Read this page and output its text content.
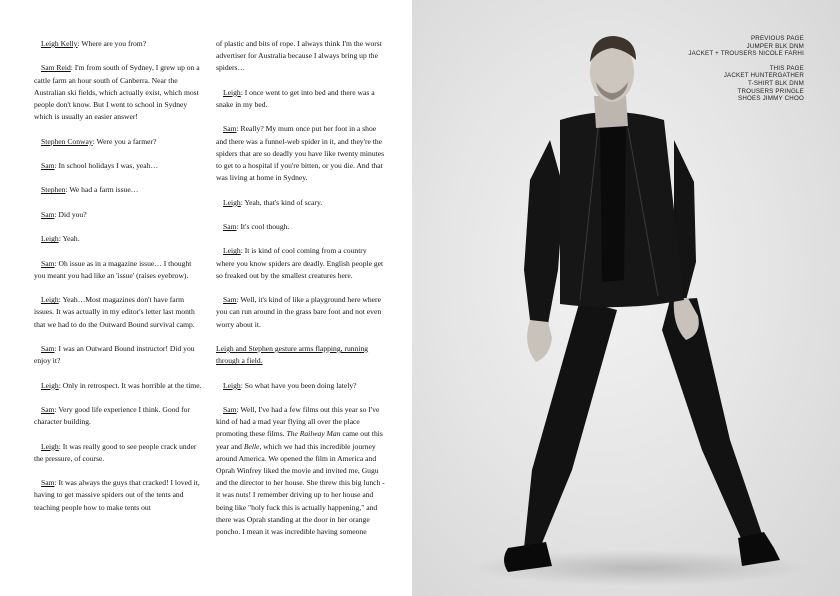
Leigh Kelly: Where are you from?

Sam Reid: I'm from south of Sydney, I grew up on a cattle farm an hour south of Canberra. Near the Australian ski fields, which actually exist, which most people don't know. But I went to school in Sydney which is usually an easier answer!

Stephen Conway: Were you a farmer?

Sam: In school holidays I was, yeah…

Stephen: We had a farm issue…

Sam: Did you?

Leigh: Yeah.

Sam: Oh issue as in a magazine issue… I thought you meant you had like an 'issue' (raises eyebrow).

Leigh: Yeah…Most magazines don't have farm issues. It was actually in my editor's letter last month that we had to do the Outward Bound survival camp.

Sam: I was an Outward Bound instructor! Did you enjoy it?

Leigh: Only in retrospect. It was horrible at the time.

Sam: Very good life experience I think. Good for character building.

Leigh: It was really good to see people crack under the pressure, of course.

Sam: It was always the guys that cracked! I loved it, having to get massive spiders out of the tents and teaching people how to make tents out

of plastic and bits of rope. I always think I'm the worst advertiser for Australia because I always bring up the spiders…

Leigh: I once went to get into bed and there was a snake in my bed.

Sam: Really? My mum once put her foot in a shoe and there was a funnel-web spider in it, and they're the spiders that are so deadly you have like twenty minutes to get to a hospital if you're bitten, or you die. And that was living at home in Sydney.

Leigh: Yeah, that's kind of scary.

Sam: It's cool though.

Leigh: It is kind of cool coming from a country where you know spiders are deadly. English people get so freaked out by the smallest creatures here.

Sam: Well, it's kind of like a playground here where you can run around in the grass bare foot and not even worry about it.

Leigh and Stephen gesture arms flapping, running through a field.

Leigh: So what have you been doing lately?

Sam: Well, I've had a few films out this year so I've kind of had a mad year flying all over the place promoting these films. The Railway Man came out this year and Belle, which we had this incredible journey around America. We opened the film in America and Oprah Winfrey liked the movie and invited me, Gugu and the director to her house. She threw this big lunch - it was nuts! I remember driving up to her house and being like "holy fuck this is actually happening," and there was Oprah standing at the door in her orange poncho. I mean it was incredible having someone

PREVIOUS PAGE
JUMPER BLK DNM
JACKET + TROUSERS NICOLE FARHI
THIS PAGE
JACKET HUNTERGATHER
T-SHIRT BLK DNM
TROUSERS PRINGLE
SHOES JIMMY CHOO
